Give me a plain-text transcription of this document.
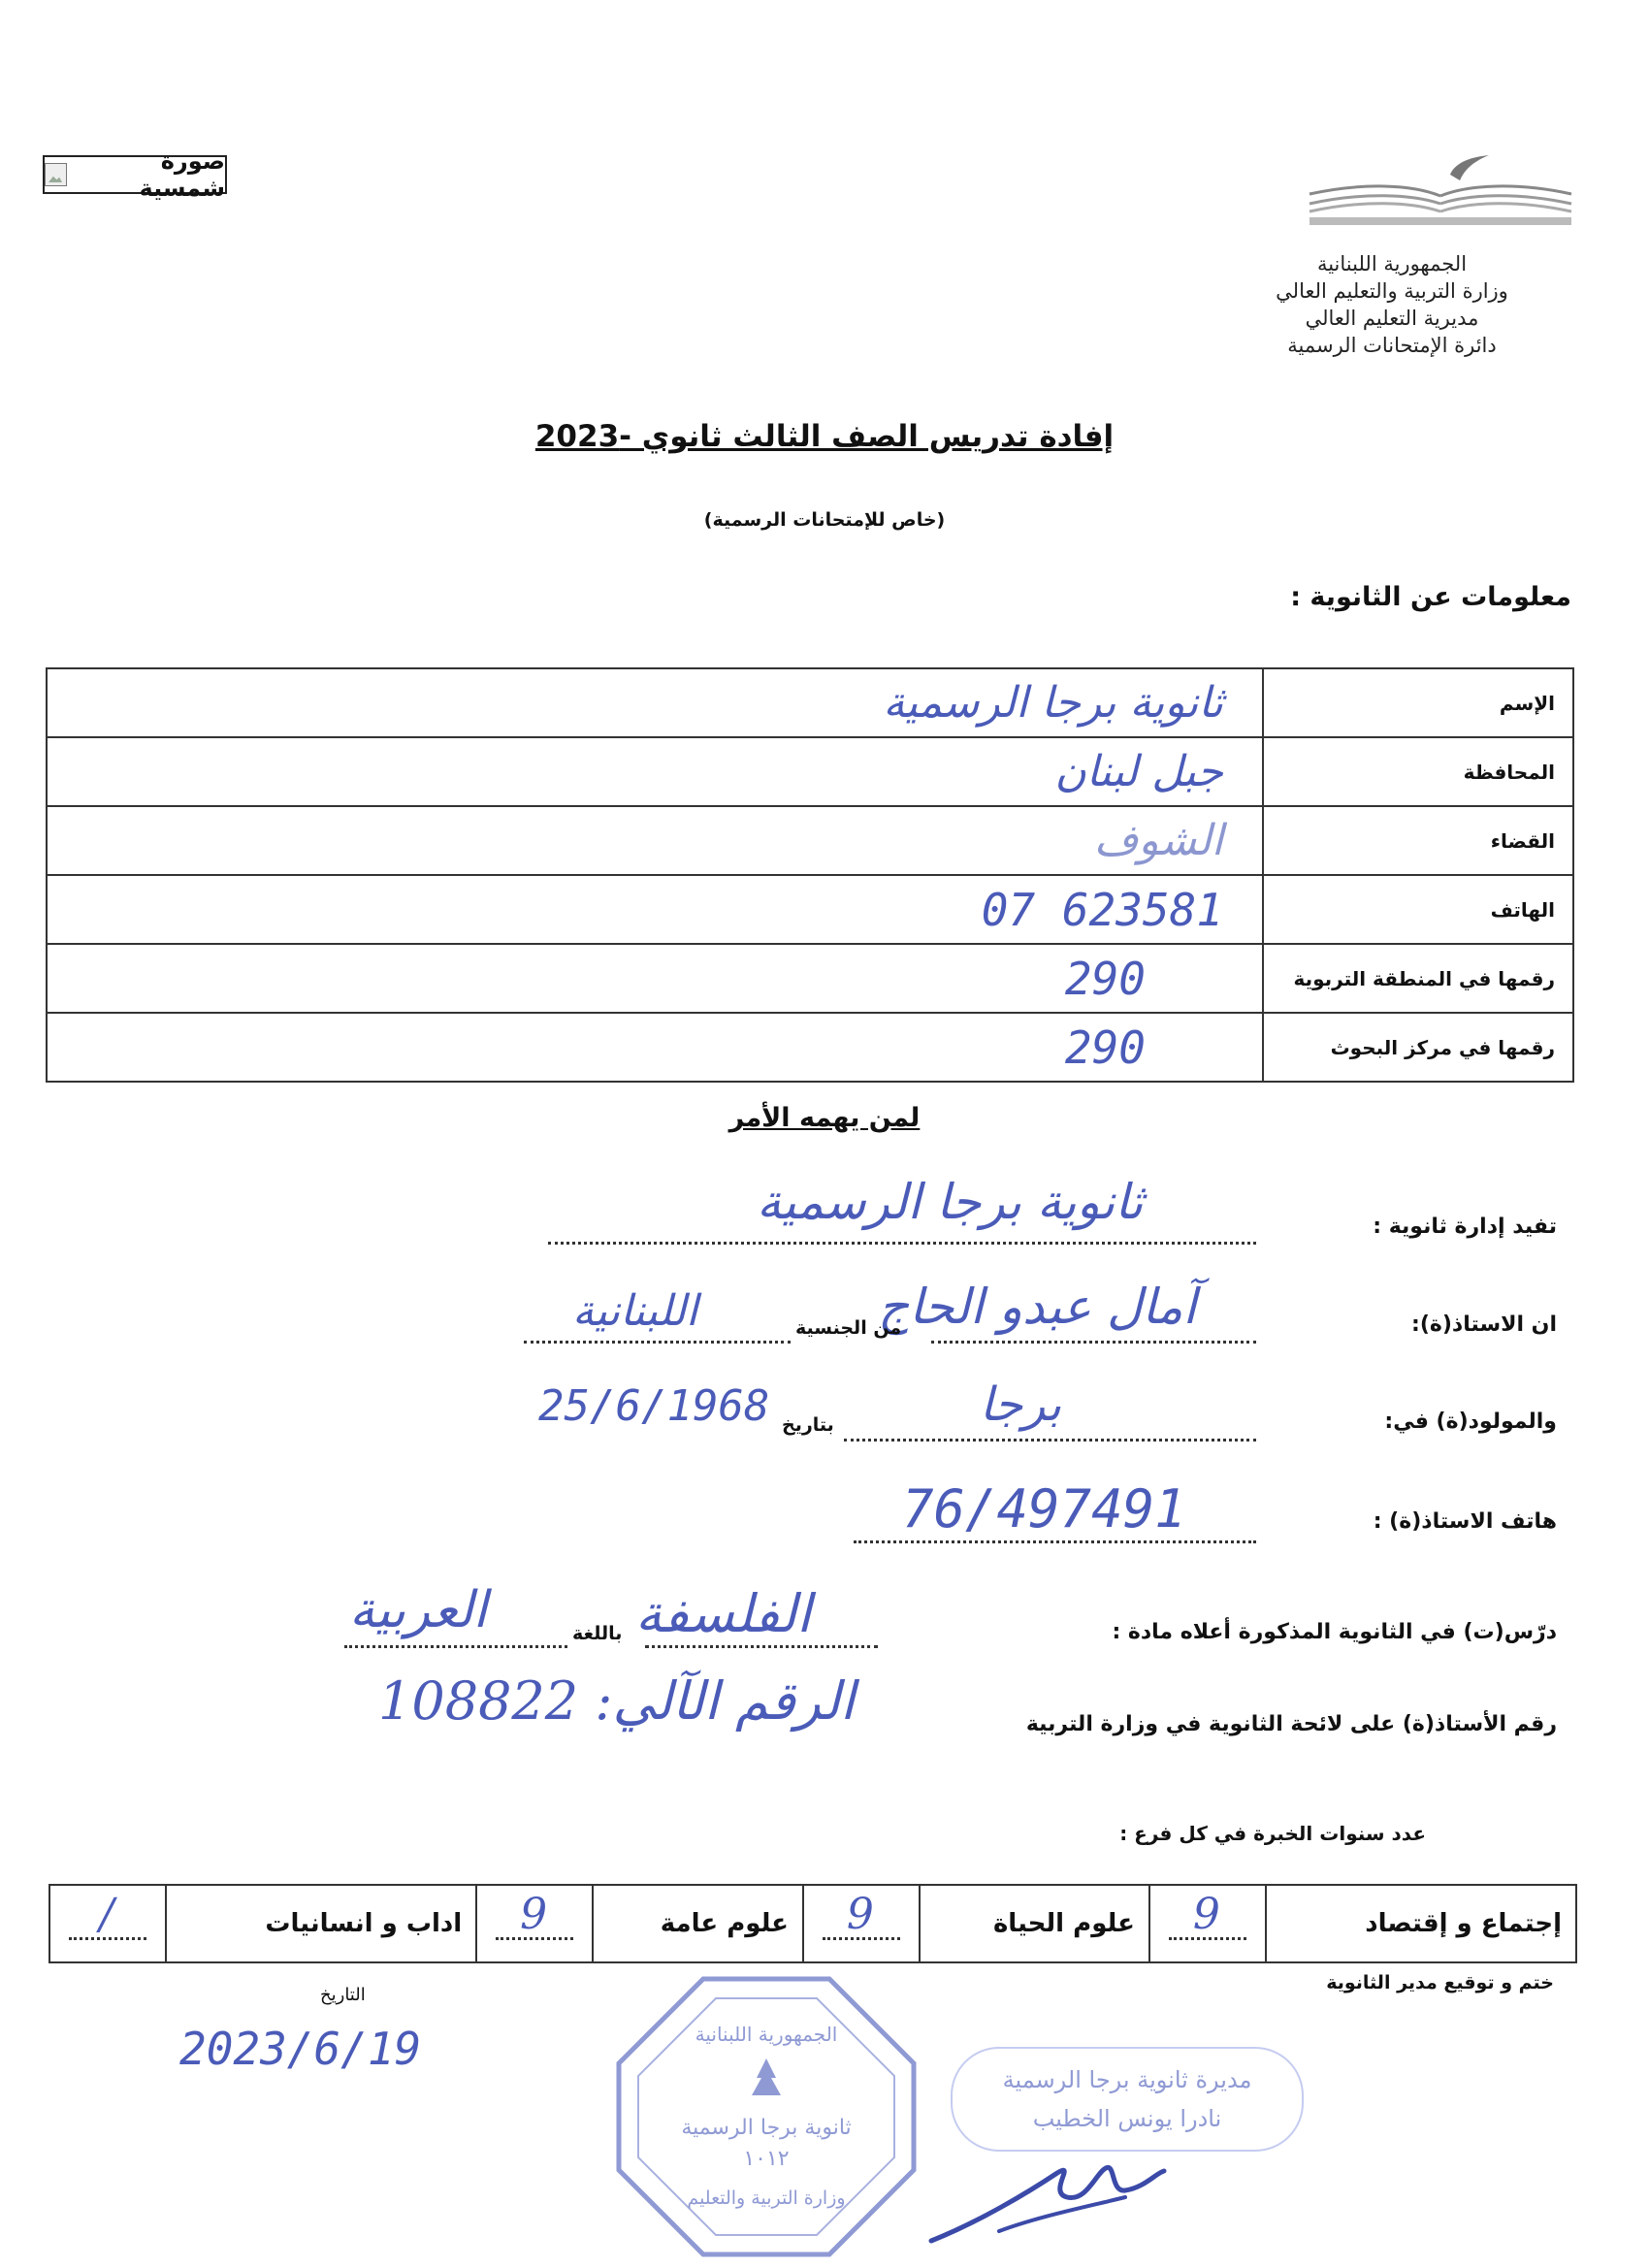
صورة شمسية
الجمهورية اللبنانية
وزارة التربية والتعليم العالي
مديرية التعليم العالي
دائرة الإمتحانات الرسمية
إفادة تدريس الصف الثالث ثانوي -2023
(خاص للإمتحانات الرسمية)
معلومات عن الثانوية :
ثانوية برجا الرسمية	الإسم
جبل لبنان	المحافظة
الشوف	القضاء
07 623581	الهاتف
290	رقمها في المنطقة التربوية
290	رقمها في مركز البحوث
لمن يهمه الأمر
تفيد إدارة ثانوية :
ثانوية برجا الرسمية
ان الاستاذ(ة):
آمال عبدو الحاج
من الجنسية
اللبنانية
والمولود(ة) في:
برجا
بتاريخ
25/6/1968
هاتف الاستاذ(ة) :
76/497491
درّس(ت) في الثانوية المذكورة أعلاه مادة :
الفلسفة
باللغة
العربية
رقم الأستاذ(ة) على لائحة الثانوية في وزارة التربية
الرقم الآلي: 108822
عدد سنوات الخبرة في كل فرع :
إجتماع و إقتصاد	9
	علوم الحياة	9
	علوم عامة	9
	اداب و انسانيات	/

ختم و توقيع مدير الثانوية
التاريخ
2023/6/19	الجمهورية اللبنانية
ثانوية برجا الرسمية
١٠١٢
وزارة التربية والتعليم
مديرة ثانوية برجا الرسمية
نادرا يونس الخطيب
